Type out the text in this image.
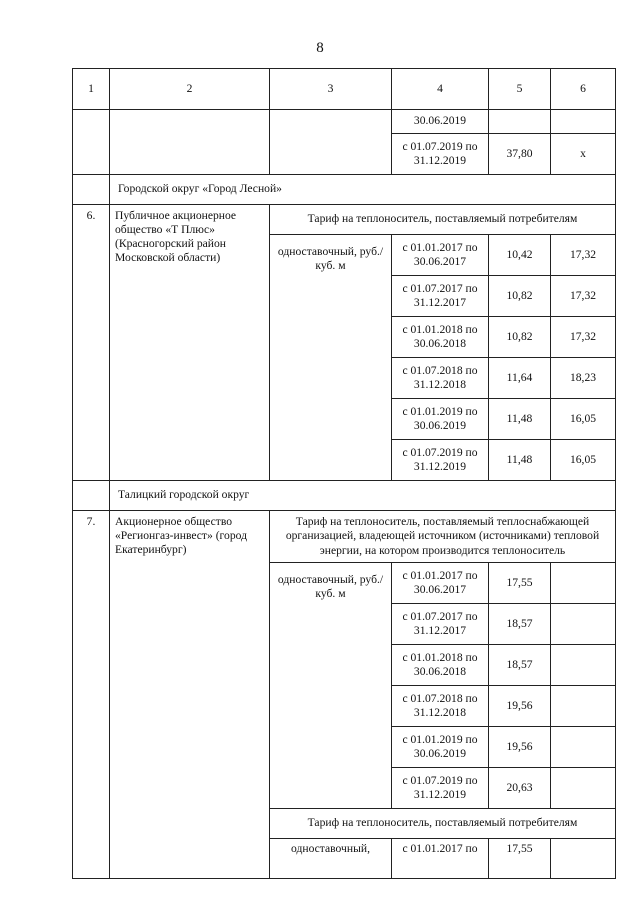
8
1	2	3	4	5	6
			30.06.2019		
			с 01.07.2019 по 31.12.2019	37,80	х
	Городской округ «Город Лесной»				
6.	Публичное акционерное общество «Т Плюс» (Красногорский район Московской области)	Тариф на теплоноситель, поставляемый потребителям			
		одноставочный, руб./куб. м	с 01.01.2017 по 30.06.2017	10,42	17,32
			с 01.07.2017 по 31.12.2017	10,82	17,32
			с 01.01.2018 по 30.06.2018	10,82	17,32
			с 01.07.2018 по 31.12.2018	11,64	18,23
			с 01.01.2019 по 30.06.2019	11,48	16,05
			с 01.07.2019 по 31.12.2019	11,48	16,05
	Талицкий городской округ				
7.	Акционерное общество «Регионгаз-инвест» (город Екатеринбург)	Тариф на теплоноситель, поставляемый теплоснабжающей организацией, владеющей источником (источниками) тепловой энергии, на котором производится теплоноситель			
		одноставочный, руб./куб. м	с 01.01.2017 по 30.06.2017	17,55	
			с 01.07.2017 по 31.12.2017	18,57	
			с 01.01.2018 по 30.06.2018	18,57	
			с 01.07.2018 по 31.12.2018	19,56	
			с 01.01.2019 по 30.06.2019	19,56	
			с 01.07.2019 по 31.12.2019	20,63	
		Тариф на теплоноситель, поставляемый потребителям			
		одноставочный,	с 01.01.2017 по	17,55	
